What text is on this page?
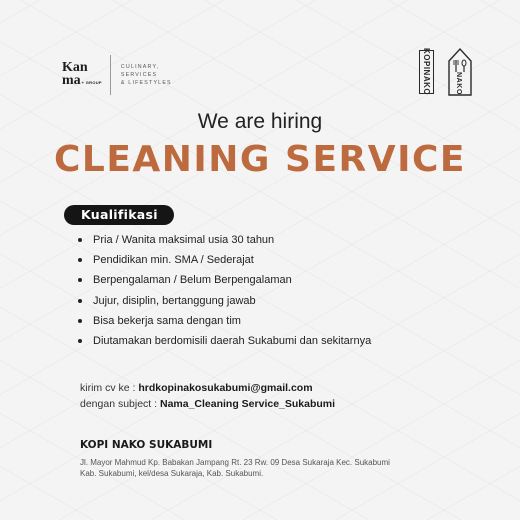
Kan
ma+ GROUP
CULINARY,
SERVICES
& LIFESTYLES	KOPINAKO	NAKO
We are hiring
CLEANING SERVICE
Kualifikasi
Pria / Wanita maksimal usia 30 tahun
Pendidikan min. SMA / Sederajat
Berpengalaman / Belum Berpengalaman
Jujur, disiplin, bertanggung jawab
Bisa bekerja sama dengan tim
Diutamakan berdomisili daerah Sukabumi dan sekitarnya
kirim cv ke : hrdkopinakosukabumi@gmail.com
dengan subject : Nama_Cleaning Service_Sukabumi
KOPI NAKO SUKABUMI
Jl. Mayor Mahmud Kp. Babakan Jampang Rt. 23 Rw. 09 Desa Sukaraja Kec. Sukabumi
Kab. Sukabumi, kel/desa Sukaraja, Kab. Sukabumi.
